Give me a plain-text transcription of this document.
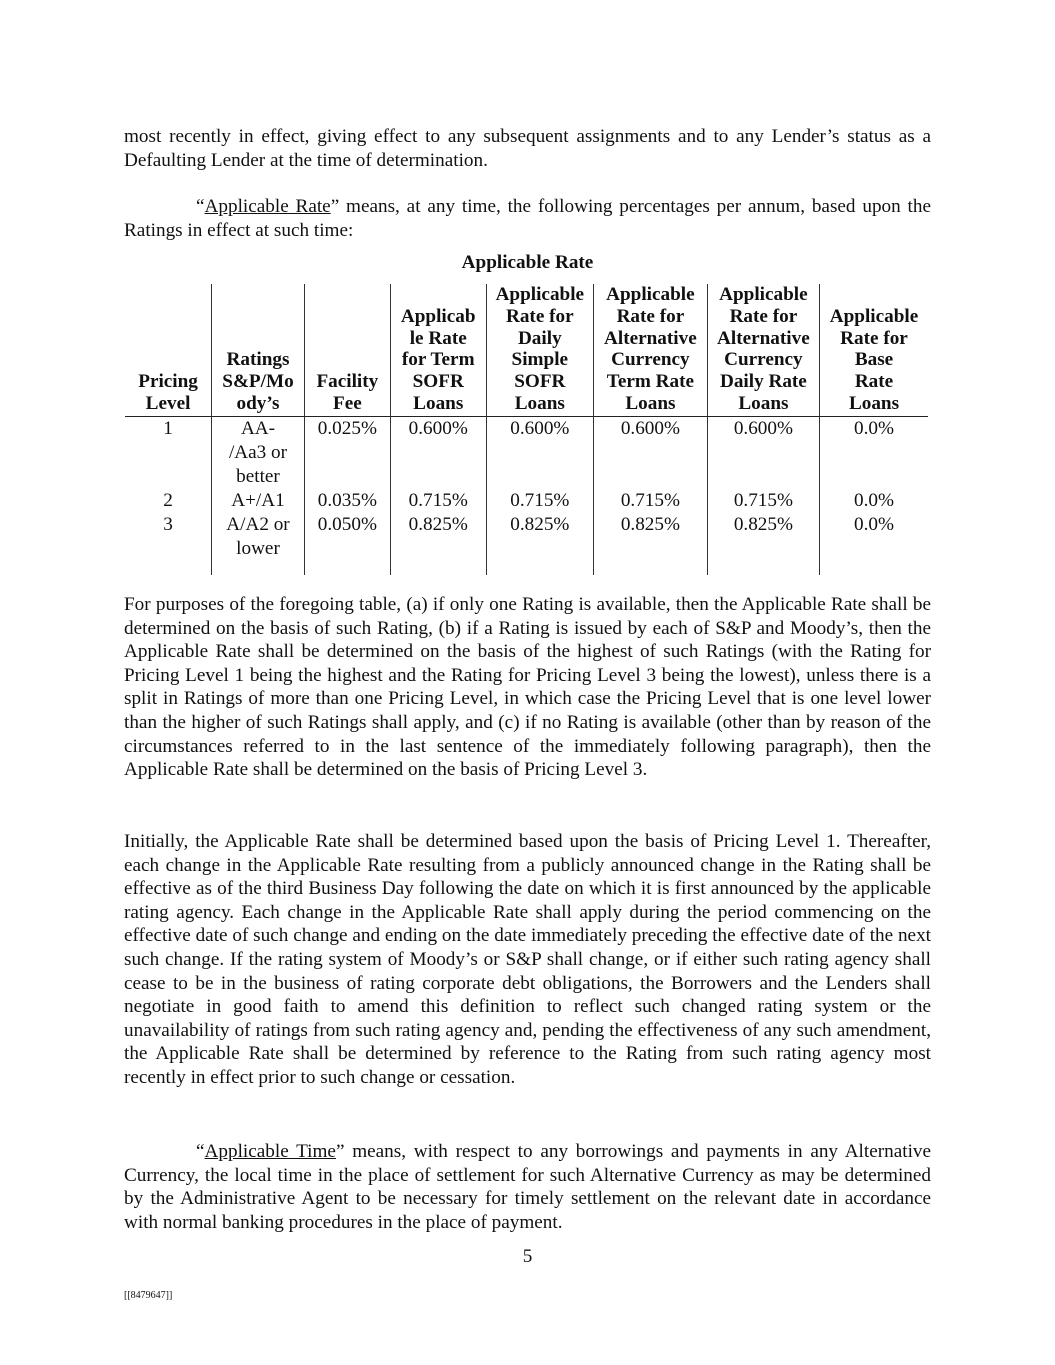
most recently in effect, giving effect to any subsequent assignments and to any Lender’s status as a Defaulting Lender at the time of determination.
“Applicable Rate” means, at any time, the following percentages per annum, based upon the Ratings in effect at such time:
Applicable Rate
Pricing
Level	Ratings
S&P/Mo
ody’s	Facility
Fee	Applicab
le Rate
for Term
SOFR
Loans	Applicable
Rate for
Daily
Simple
SOFR
Loans	Applicable
Rate for
Alternative
Currency
Term Rate
Loans	Applicable
Rate for
Alternative
Currency
Daily Rate
Loans	Applicable
Rate for
Base
Rate
Loans
1	AA-
/Aa3 or
better	0.025%	0.600%	0.600%	0.600%	0.600%	0.0%
2	A+/A1	0.035%	0.715%	0.715%	0.715%	0.715%	0.0%
3	A/A2 or
lower	0.050%	0.825%	0.825%	0.825%	0.825%	0.0%
For purposes of the foregoing table, (a) if only one Rating is available, then the Applicable Rate shall be determined on the basis of such Rating, (b) if a Rating is issued by each of S&P and Moody’s, then the Applicable Rate shall be determined on the basis of the highest of such Ratings (with the Rating for Pricing Level 1 being the highest and the Rating for Pricing Level 3 being the lowest), unless there is a split in Ratings of more than one Pricing Level, in which case the Pricing Level that is one level lower than the higher of such Ratings shall apply, and (c) if no Rating is available (other than by reason of the circumstances referred to in the last sentence of the immediately following paragraph), then the Applicable Rate shall be determined on the basis of Pricing Level 3.
Initially, the Applicable Rate shall be determined based upon the basis of Pricing Level 1. Thereafter, each change in the Applicable Rate resulting from a publicly announced change in the Rating shall be effective as of the third Business Day following the date on which it is first announced by the applicable rating agency. Each change in the Applicable Rate shall apply during the period commencing on the effective date of such change and ending on the date immediately preceding the effective date of the next such change. If the rating system of Moody’s or S&P shall change, or if either such rating agency shall cease to be in the business of rating corporate debt obligations, the Borrowers and the Lenders shall negotiate in good faith to amend this definition to reflect such changed rating system or the unavailability of ratings from such rating agency and, pending the effectiveness of any such amendment, the Applicable Rate shall be determined by reference to the Rating from such rating agency most recently in effect prior to such change or cessation.
“Applicable Time” means, with respect to any borrowings and payments in any Alternative Currency, the local time in the place of settlement for such Alternative Currency as may be determined by the Administrative Agent to be necessary for timely settlement on the relevant date in accordance with normal banking procedures in the place of payment.
5
[[8479647]]
